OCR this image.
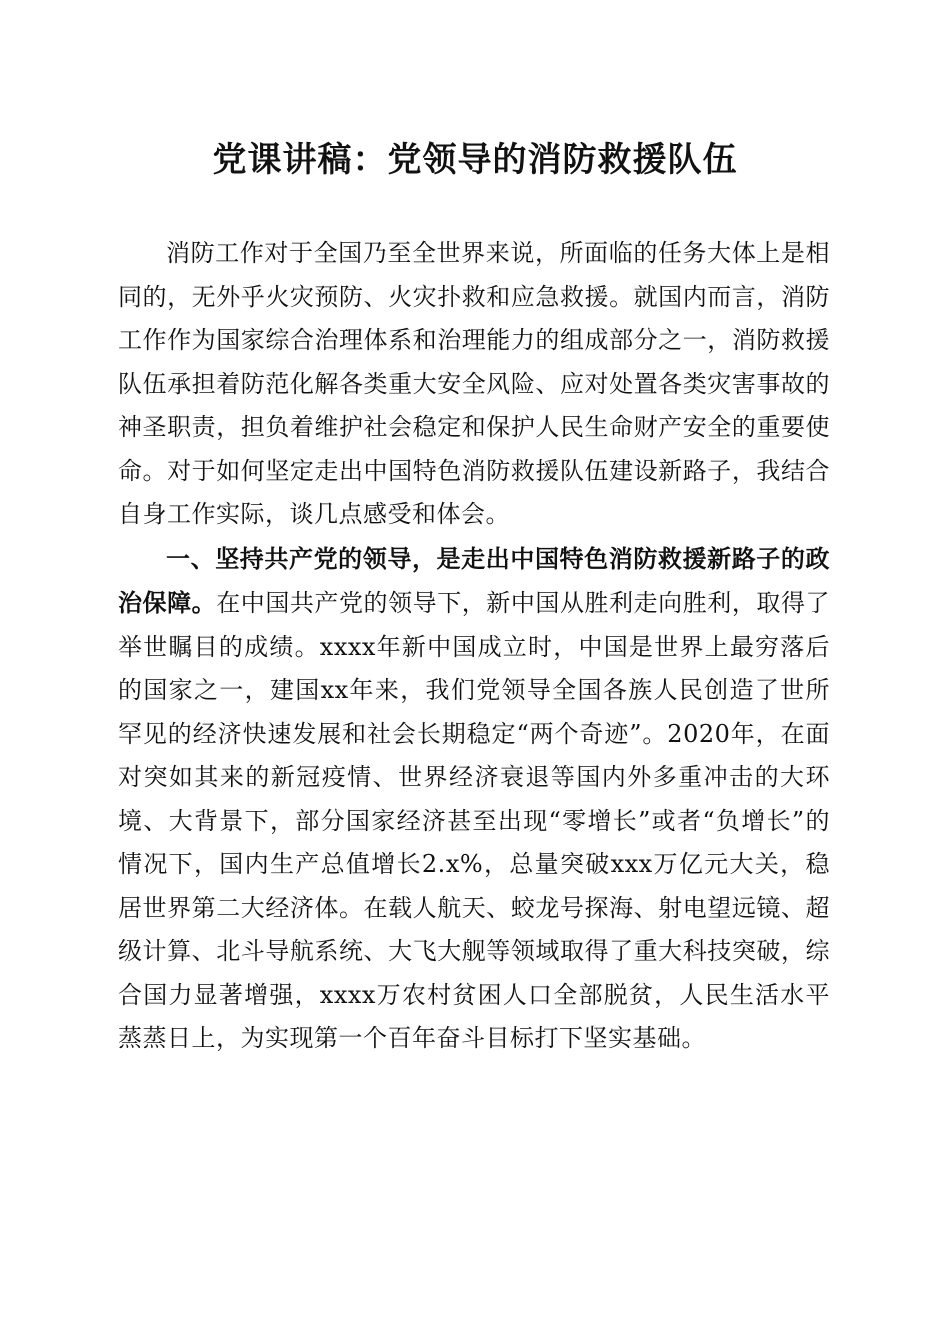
党课讲稿：党领导的消防救援队伍

消防工作对于全国乃至全世界来说，所面临的任务大体上是相同的，无外乎火灾预防、火灾扑救和应急救援。就国内而言，消防工作作为国家综合治理体系和治理能力的组成部分之一，消防救援队伍承担着防范化解各类重大安全风险、应对处置各类灾害事故的神圣职责，担负着维护社会稳定和保护人民生命财产安全的重要使命。对于如何坚定走出中国特色消防救援队伍建设新路子，我结合自身工作实际，谈几点感受和体会。

一、坚持共产党的领导，是走出中国特色消防救援新路子的政治保障。在中国共产党的领导下，新中国从胜利走向胜利，取得了举世瞩目的成绩。xxxx年新中国成立时，中国是世界上最穷落后的国家之一，建国xx年来，我们党领导全国各族人民创造了世所罕见的经济快速发展和社会长期稳定“两个奇迹”。2020年，在面对突如其来的新冠疫情、世界经济衰退等国内外多重冲击的大环境、大背景下，部分国家经济甚至出现“零增长”或者“负增长”的情况下，国内生产总值增长2.x%，总量突破xxx万亿元大关，稳居世界第二大经济体。在载人航天、蛟龙号探海、射电望远镜、超级计算、北斗导航系统、大飞大舰等领域取得了重大科技突破，综合国力显著增强，xxxx万农村贫困人口全部脱贫，人民生活水平蒸蒸日上，为实现第一个百年奋斗目标打下坚实基础。
